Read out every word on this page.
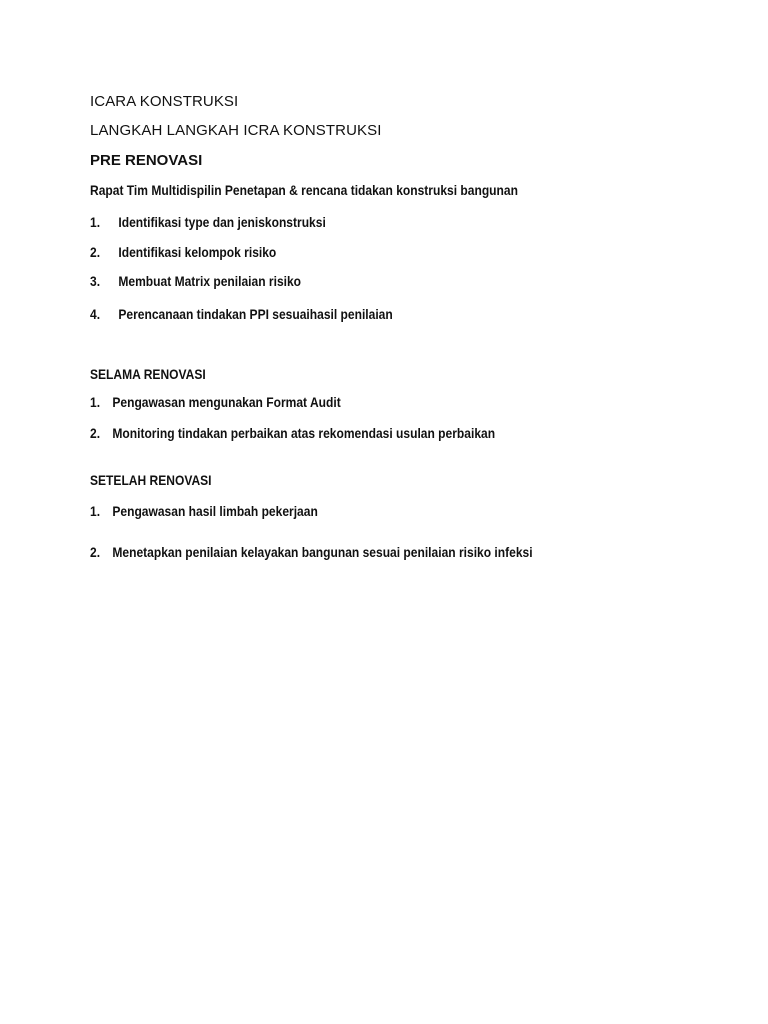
ICARA KONSTRUKSI
LANGKAH LANGKAH ICRA KONSTRUKSI
PRE RENOVASI
Rapat Tim Multidispilin Penetapan & rencana tidakan konstruksi bangunan
1. Identifikasi type dan jeniskonstruksi
2. Identifikasi kelompok risiko
3. Membuat Matrix penilaian risiko
4. Perencanaan tindakan PPI sesuaihasil penilaian
SELAMA RENOVASI
1. Pengawasan mengunakan Format Audit
2. Monitoring tindakan perbaikan atas rekomendasi usulan perbaikan
SETELAH RENOVASI
1. Pengawasan hasil limbah pekerjaan
2. Menetapkan penilaian kelayakan bangunan sesuai penilaian risiko infeksi
